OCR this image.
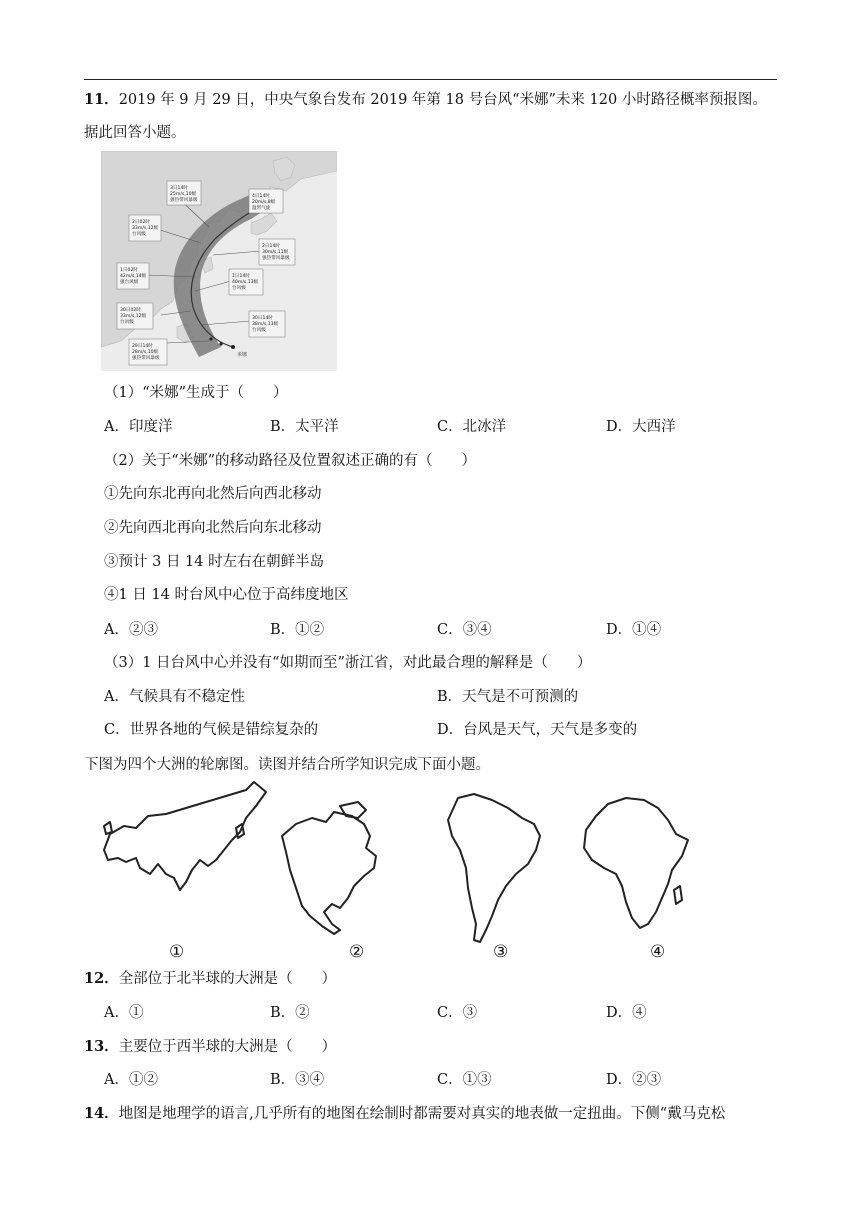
11．2019 年 9 月 29 日，中央气象台发布 2019 年第 18 号台风“米娜”未来 120 小时路径概率预报图。
据此回答小题。
3日14时
25m/s,10级
强热带风暴级
4日14时
20m/s,8级
温带气旋
2日02时
33m/s,12级
台风级
2日14时
30m/s,11级
强热带风暴级
1日02时
42m/s,14级
强台风级
1日14时
40m/s,13级
台风级
30日02时
33m/s,12级
台风级
30日14时
38m/s,13级
台风级
29日14时
28m/s,10级
强热带风暴级
米娜
（1）“米娜”生成于（　　）
A．印度洋	B．太平洋	C．北冰洋	D．大西洋
（2）关于“米娜”的移动路径及位置叙述正确的有（　　）
①先向东北再向北然后向西北移动
②先向西北再向北然后向东北移动
③预计 3 日 14 时左右在朝鲜半岛
④1 日 14 时台风中心位于高纬度地区
A．②③	B．①②	C．③④	D．①④
（3）1 日台风中心并没有“如期而至”浙江省，对此最合理的解释是（　　）
A．气候具有不稳定性	B．天气是不可预测的
C．世界各地的气候是错综复杂的	D．台风是天气，天气是多变的
下图为四个大洲的轮廓图。读图并结合所学知识完成下面小题。
①	②	③	④
12．全部位于北半球的大洲是（　　）
A．①	B．②	C．③	D．④
13．主要位于西半球的大洲是（　　）
A．①②	B．③④	C．①③	D．②③
14．地图是地理学的语言,几乎所有的地图在绘制时都需要对真实的地表做一定扭曲。下侧“戴马克松
